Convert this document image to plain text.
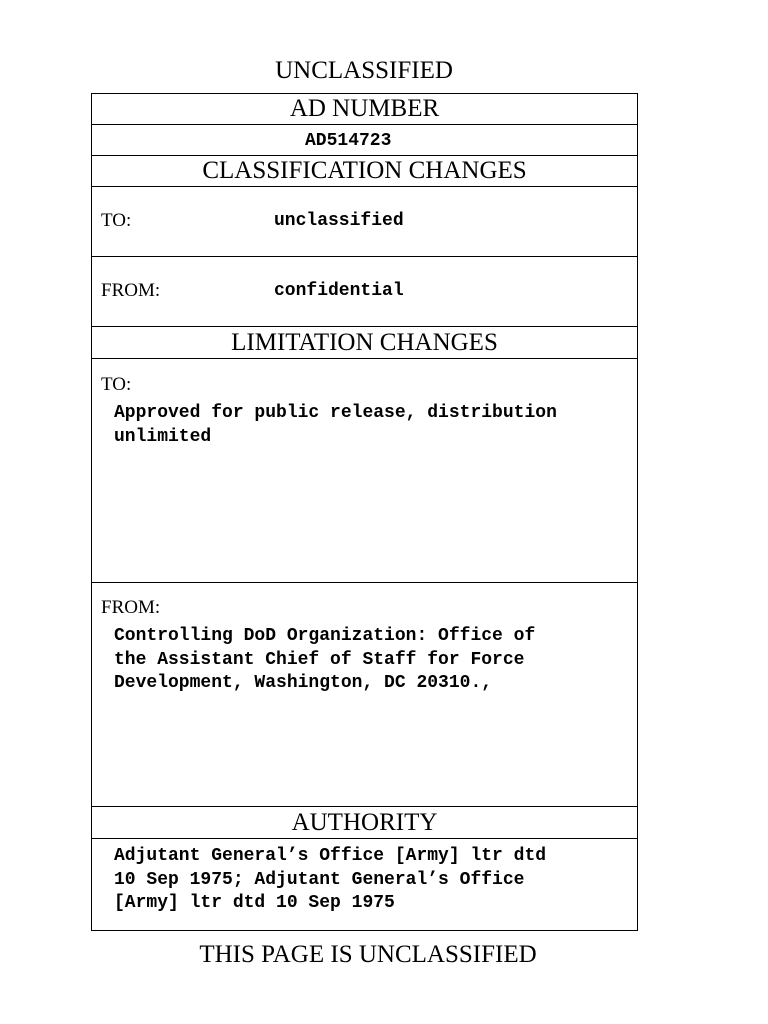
UNCLASSIFIED
AD NUMBER
AD514723
CLASSIFICATION CHANGES
TO:	unclassified
FROM:	confidential
LIMITATION CHANGES
TO:
Approved for public release, distribution
unlimited
FROM:
Controlling DoD Organization: Office of
the Assistant Chief of Staff for Force
Development, Washington, DC 20310.,
AUTHORITY
Adjutant General’s Office [Army] ltr dtd
10 Sep 1975; Adjutant General’s Office
[Army] ltr dtd 10 Sep 1975
THIS PAGE IS UNCLASSIFIED
